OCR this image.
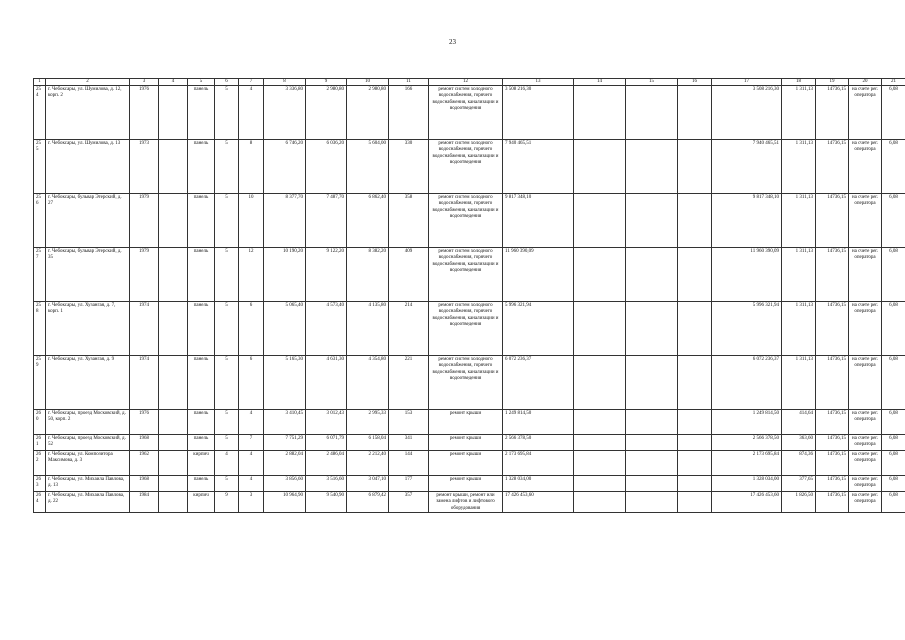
23
1	2	3	4	5	6	7	8	9	10	11	12	13	14	15	16	17	18	19	20	21
254	г. Чебоксары, ул. Шумилова, д. 12, корп. 2	1976		панель	5	4	3 336,80	2 980,80	2 980,80	166	ремонт систем холодного водоснабжения, горячего водоснабжения, канализации и водоотведения	3 508 216,30				3 508 216,30	1 311,13	14736,15	на счете рег. оператора	6,08
255	г. Чебоксары, ул. Шумилова, д. 13	1973		панель	5	8	6 746,20	6 036,20	5 604,00	330	ремонт систем холодного водоснабжения, горячего водоснабжения, канализации и водоотведения	7 940 465,51				7 940 465,51	1 311,13	14736,15	на счете рег. оператора	6,08
256	г. Чебоксары, бульвар Эгерский, д. 27	1979		панель	5	10	8 377,70	7 487,70	6 862,40	358	ремонт систем холодного водоснабжения, горячего водоснабжения, канализации и водоотведения	9 817 348,10				9 817 348,10	1 311,13	14736,15	на счете рег. оператора	6,08
257	г. Чебоксары, бульвар Эгерский, д. 35	1979		панель	5	12	10 190,20	9 122,20	8 382,20	409	ремонт систем холодного водоснабжения, горячего водоснабжения, канализации и водоотведения	11 960 390,09				11 960 390,09	1 311,13	14736,15	на счете рег. оператора	6,08
258	г. Чебоксары, ул. Хузангая, д. 7, корп. 1	1974		панель	5	6	5 065,40	4 573,40	4 135,80	214	ремонт систем холодного водоснабжения, горячего водоснабжения, канализации и водоотведения	5 996 321,94				5 996 321,94	1 311,13	14736,15	на счете рег. оператора	6,08
259	г. Чебоксары, ул. Хузангая, д. 9	1974		панель	5	6	5 165,30	4 631,30	4 354,80	221	ремонт систем холодного водоснабжения, горячего водоснабжения, канализации и водоотведения	6 072 236,37				6 072 236,37	1 311,13	14736,15	на счете рег. оператора	6,08
260	г. Чебоксары, проезд Московский, д. 50, корп. 2	1976		панель	5	4	3 410,45	3 012,43	2 995,33	153	ремонт крыши	1 249 814,50				1 249 814,50	414,64	14736,15	на счете рег. оператора	6,08
261	г. Чебоксары, проезд Московский, д. 52	1968		панель	5	7	7 751,29	6 071,79	6 158,04	341	ремонт крыши	2 566 378,50				2 566 378,50	363,60	14736,15	на счете рег. оператора	6,08
262	г. Чебоксары, ул. Композитора Максимова, д. 3	1962		кирпич	4	4	2 882,04	2 486,04	2 212,40	144	ремонт крыши	2 173 695,84				2 173 695,84	874,36	14736,15	на счете рег. оператора	6,08
263	г. Чебоксары, ул. Михаила Павлова, д. 13	1968		панель	5	4	3 856,60	3 516,60	3 047,10	177	ремонт крыши	1 328 034,00				1 328 034,00	377,65	14736,15	на счете рег. оператора	6,08
264	г. Чебоксары, ул. Михаила Павлова, д. 22	1984		кирпич	9	3	10 964,90	9 540,90	6 879,42	357	ремонт крыши, ремонт или замена лифтов и лифтового оборудования	17 426 453,60				17 426 453,60	1 826,50	14736,15	на счете рег. оператора	6,08
